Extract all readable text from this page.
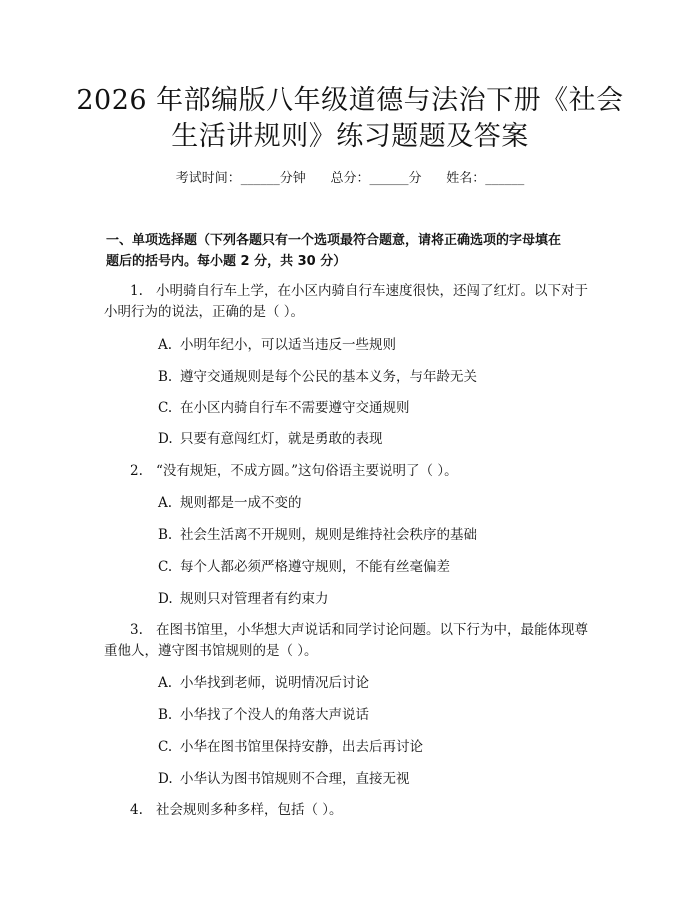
2026 年部编版八年级道德与法治下册《社会
生活讲规则》练习题题及答案
考试时间：______分钟      总分：______分      姓名：______
一、单项选择题（下列各题只有一个选项最符合题意，请将正确选项的字母填在
题后的括号内。每小题 2 分，共 30 分）
1. 小明骑自行车上学，在小区内骑自行车速度很快，还闯了红灯。以下对于
小明行为的说法，正确的是（ ）。
A. 小明年纪小，可以适当违反一些规则
B. 遵守交通规则是每个公民的基本义务，与年龄无关
C. 在小区内骑自行车不需要遵守交通规则
D. 只要有意闯红灯，就是勇敢的表现
2. “没有规矩，不成方圆。”这句俗语主要说明了（ ）。
A. 规则都是一成不变的
B. 社会生活离不开规则，规则是维持社会秩序的基础
C. 每个人都必须严格遵守规则，不能有丝毫偏差
D. 规则只对管理者有约束力
3. 在图书馆里，小华想大声说话和同学讨论问题。以下行为中，最能体现尊
重他人，遵守图书馆规则的是（ ）。
A. 小华找到老师，说明情况后讨论
B. 小华找了个没人的角落大声说话
C. 小华在图书馆里保持安静，出去后再讨论
D. 小华认为图书馆规则不合理，直接无视
4. 社会规则多种多样，包括（ ）。
